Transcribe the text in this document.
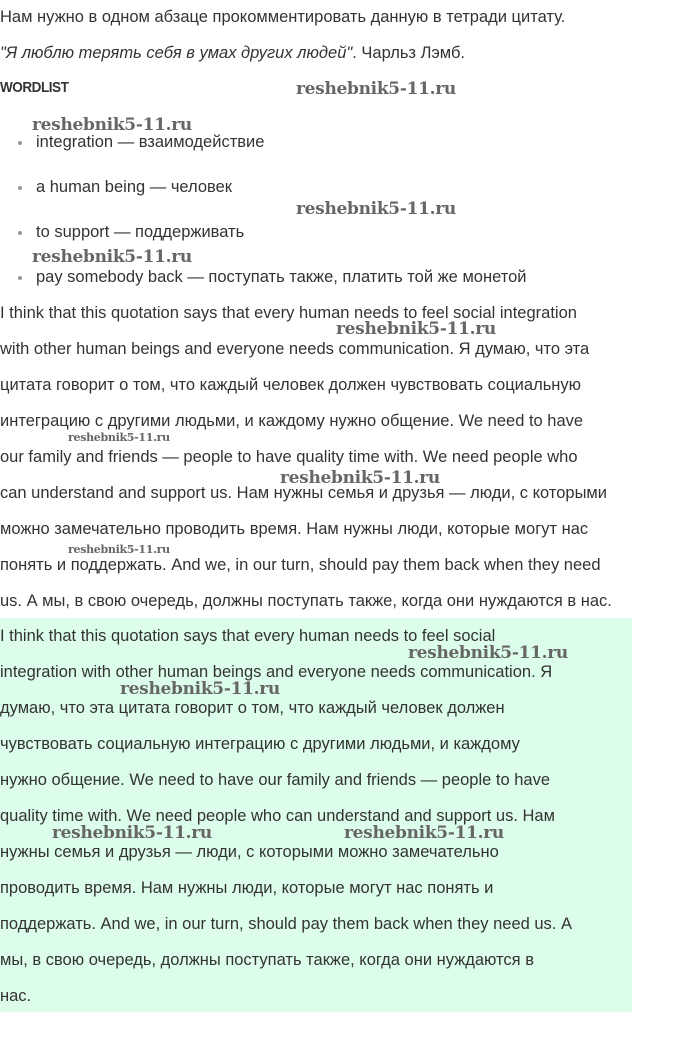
Нам нужно в одном абзаце прокомментировать данную в тетради цитату.
"Я люблю терять себя в умах других людей". Чарльз Лэмб.
WORDLIST
integration — взаимодействие
a human being — человек
to support — поддерживать
pay somebody back — поступать также, платить той же монетой
I think that this quotation says that every human needs to feel social integration
with other human beings and everyone needs communication. Я думаю, что эта
цитата говорит о том, что каждый человек должен чувствовать социальную
интеграцию с другими людьми, и каждому нужно общение. We need to have
our family and friends — people to have quality time with. We need people who
can understand and support us. Нам нужны семья и друзья — люди, с которыми
можно замечательно проводить время. Нам нужны люди, которые могут нас
понять и поддержать. And we, in our turn, should pay them back when they need
us. А мы, в свою очередь, должны поступать также, когда они нуждаются в нас.
I think that this quotation says that every human needs to feel social
integration with other human beings and everyone needs communication. Я
думаю, что эта цитата говорит о том, что каждый человек должен
чувствовать социальную интеграцию с другими людьми, и каждому
нужно общение. We need to have our family and friends — people to have
quality time with. We need people who can understand and support us. Нам
нужны семья и друзья — люди, с которыми можно замечательно
проводить время. Нам нужны люди, которые могут нас понять и
поддержать. And we, in our turn, should pay them back when they need us. А
мы, в свою очередь, должны поступать также, когда они нуждаются в
нас.
reshebnik5-11.ru
reshebnik5-11.ru
reshebnik5-11.ru
reshebnik5-11.ru
reshebnik5-11.ru
reshebnik5-11.ru
reshebnik5-11.ru
reshebnik5-11.ru
reshebnik5-11.ru
reshebnik5-11.ru
reshebnik5-11.ru	reshebnik5-11.ru
